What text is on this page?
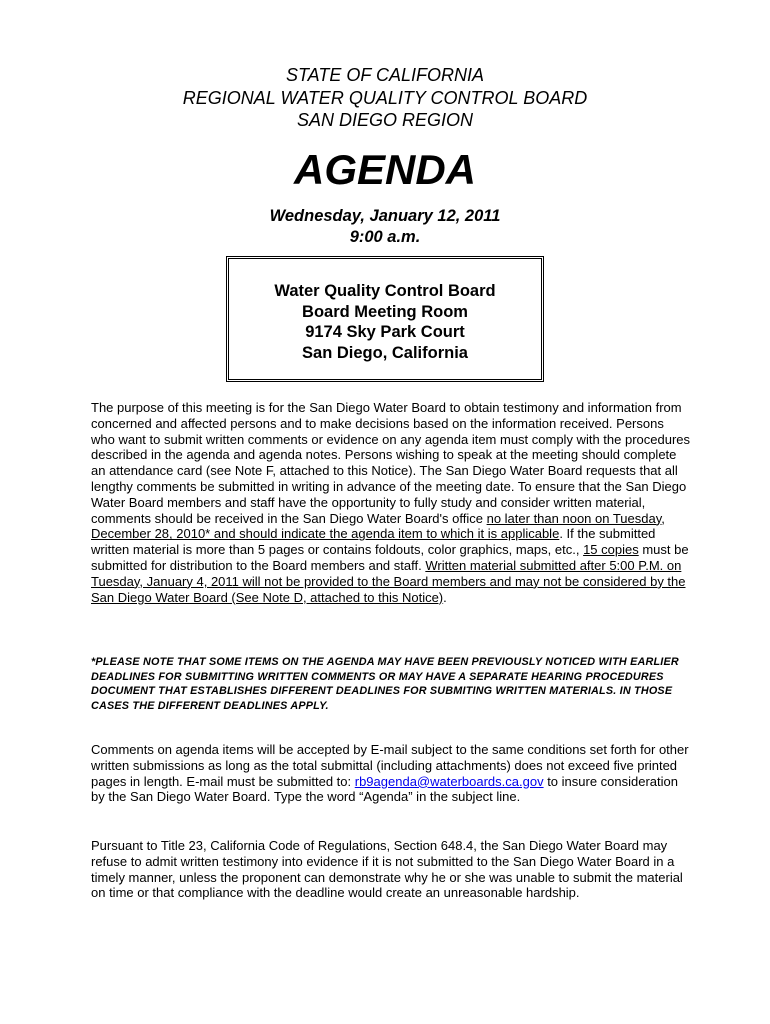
STATE OF CALIFORNIA
REGIONAL WATER QUALITY CONTROL BOARD
SAN DIEGO REGION
AGENDA
Wednesday, January 12, 2011
9:00 a.m.
Water Quality Control Board
Board Meeting Room
9174 Sky Park Court
San Diego, California

The purpose of this meeting is for the San Diego Water Board to obtain testimony and information from concerned and affected persons and to make decisions based on the information received. Persons who want to submit written comments or evidence on any agenda item must comply with the procedures described in the agenda and agenda notes. Persons wishing to speak at the meeting should complete an attendance card (see Note F, attached to this Notice). The San Diego Water Board requests that all lengthy comments be submitted in writing in advance of the meeting date. To ensure that the San Diego Water Board members and staff have the opportunity to fully study and consider written material, comments should be received in the San Diego Water Board's office no later than noon on Tuesday, December 28, 2010* and should indicate the agenda item to which it is applicable. If the submitted written material is more than 5 pages or contains foldouts, color graphics, maps, etc., 15 copies must be submitted for distribution to the Board members and staff. Written material submitted after 5:00 P.M. on Tuesday, January 4, 2011 will not be provided to the Board members and may not be considered by the San Diego Water Board (See Note D, attached to this Notice).

*PLEASE NOTE THAT SOME ITEMS ON THE AGENDA MAY HAVE BEEN PREVIOUSLY NOTICED WITH EARLIER DEADLINES FOR SUBMITTING WRITTEN COMMENTS OR MAY HAVE A SEPARATE HEARING PROCEDURES DOCUMENT THAT ESTABLISHES DIFFERENT DEADLINES FOR SUBMITING WRITTEN MATERIALS. IN THOSE CASES THE DIFFERENT DEADLINES APPLY.

Comments on agenda items will be accepted by E-mail subject to the same conditions set forth for other written submissions as long as the total submittal (including attachments) does not exceed five printed pages in length. E-mail must be submitted to: rb9agenda@waterboards.ca.gov to insure consideration by the San Diego Water Board. Type the word “Agenda” in the subject line.

Pursuant to Title 23, California Code of Regulations, Section 648.4, the San Diego Water Board may refuse to admit written testimony into evidence if it is not submitted to the San Diego Water Board in a timely manner, unless the proponent can demonstrate why he or she was unable to submit the material on time or that compliance with the deadline would create an unreasonable hardship.
